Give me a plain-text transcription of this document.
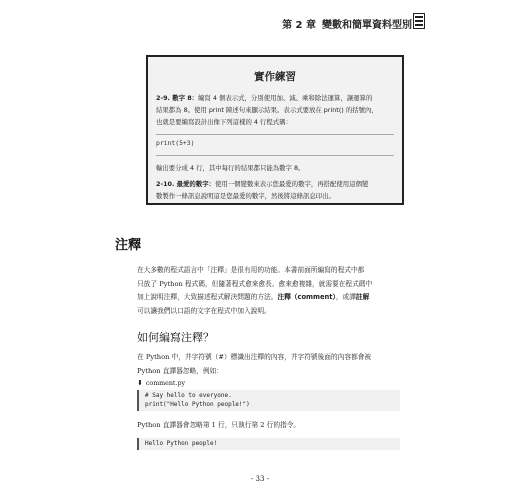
第 2 章 變數和簡單資料型別
實作練習
2-9. 數字 8：編寫 4 個表示式，分別使用加、減、乘和除法運算，讓運算的
結果都為 8。使用 print 陳述句來顯示結果。表示式要放在 print() 的括號內，
也就是要編寫設計出像下列這樣的 4 行程式碼：
print(5+3)
輸出要分成 4 行，其中每行的結果都只能為數字 8。
2-10. 最愛的數字：使用一個變數來表示您最愛的數字，再搭配使用這個變
數製作一條訊息說明這是您最愛的數字，然後將這條訊息印出。
注釋
在大多數的程式語言中「注釋」是很有用的功能。本書前面所編寫的程式中都
只放了 Python 程式碼，但隨著程式愈來愈長、愈來愈複雜，就需要在程式碼中
加上說明注釋，大致描述程式解決問題的方法。注釋（comment），或譯註解
可以讓我們以口語的文字在程式中加入說明。
如何編寫注釋？
在 Python 中，井字符號（#）標識出注釋的內容，井字符號後面的內容都會被
Python 直譯器忽略，例如：
⬇ comment.py
# Say hello to everyone.
print("Hello Python people!")
Python 直譯器會忽略第 1 行，只執行第 2 行的指令。
Hello Python people!
- 33 -
